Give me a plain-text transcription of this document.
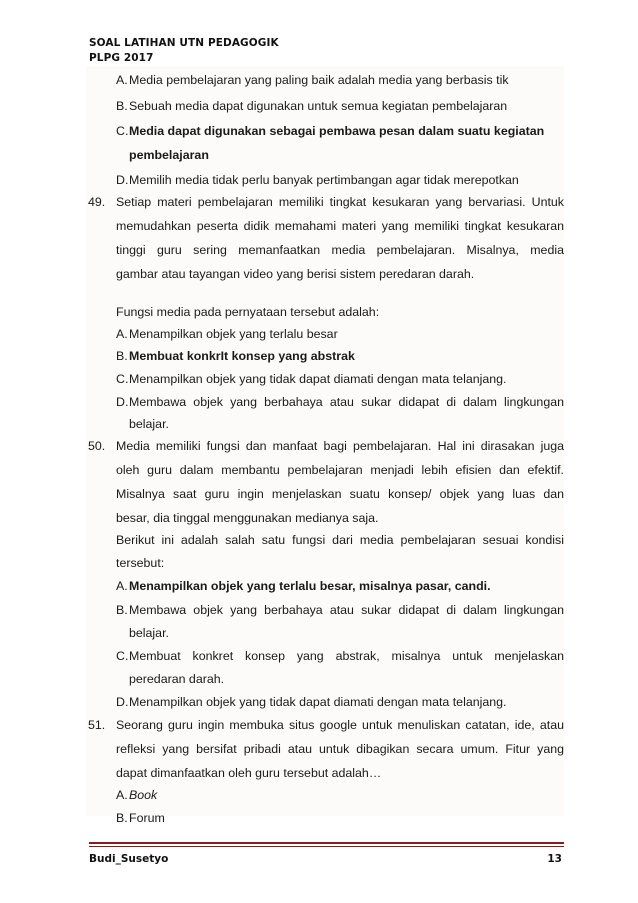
SOAL LATIHAN UTN PEDAGOGIK
PLPG 2017
A. Media pembelajaran yang paling baik adalah media yang berbasis tik
B. Sebuah media dapat digunakan untuk semua kegiatan pembelajaran
C. Media dapat digunakan sebagai pembawa pesan dalam suatu kegiatan
pembelajaran
D. Memilih media tidak perlu banyak pertimbangan agar tidak merepotkan
49. Setiap materi pembelajaran memiliki tingkat kesukaran yang bervariasi. Untuk
memudahkan peserta didik memahami materi yang memiliki tingkat kesukaran
tinggi guru sering memanfaatkan media pembelajaran. Misalnya, media
gambar atau tayangan video yang berisi sistem peredaran darah.
Fungsi media pada pernyataan tersebut adalah:
A. Menampilkan objek yang terlalu besar
B. Membuat konkrIt konsep yang abstrak
C. Menampilkan objek yang tidak dapat diamati dengan mata telanjang.
D. Membawa objek yang berbahaya atau sukar didapat di dalam lingkungan
belajar.
50. Media memiliki fungsi dan manfaat bagi pembelajaran. Hal ini dirasakan juga
oleh guru dalam membantu pembelajaran menjadi lebih efisien dan efektif.
Misalnya saat guru ingin menjelaskan suatu konsep/ objek yang luas dan
besar, dia tinggal menggunakan medianya saja.
Berikut ini adalah salah satu fungsi dari media pembelajaran sesuai kondisi
tersebut:
A. Menampilkan objek yang terlalu besar, misalnya pasar, candi.
B. Membawa objek yang berbahaya atau sukar didapat di dalam lingkungan
belajar.
C. Membuat konkret konsep yang abstrak, misalnya untuk menjelaskan
peredaran darah.
D. Menampilkan objek yang tidak dapat diamati dengan mata telanjang.
51. Seorang guru ingin membuka situs google untuk menuliskan catatan, ide, atau
refleksi yang bersifat pribadi atau untuk dibagikan secara umum. Fitur yang
dapat dimanfaatkan oleh guru tersebut adalah…
A. Book
B. Forum
Budi_Susetyo	13
